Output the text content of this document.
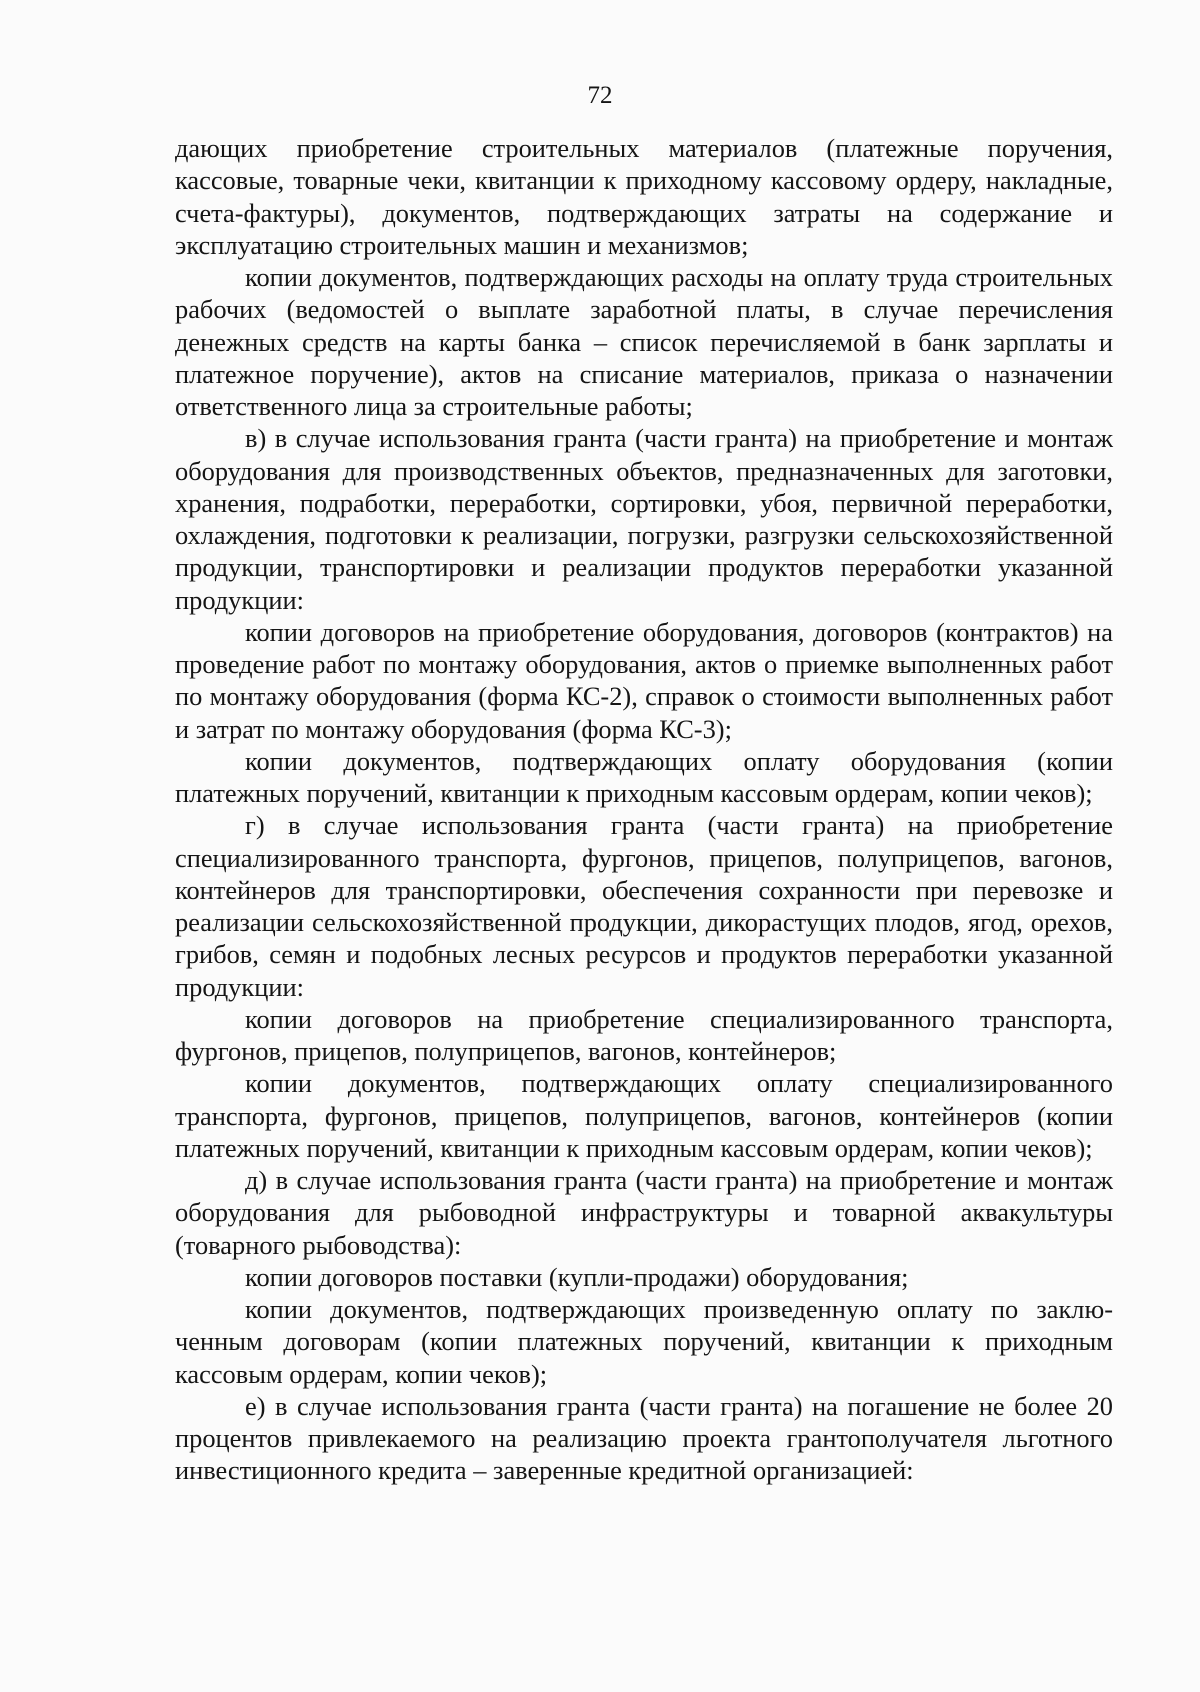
72

дающих приобретение строительных материалов (платежные поручения, кассовые, товарные чеки, квитанции к приходному кассовому ордеру, накладные, счета-фактуры), документов, подтверждающих затраты на содержание и эксплуатацию строительных машин и механизмов;

копии документов, подтверждающих расходы на оплату труда строительных рабочих (ведомостей о выплате заработной платы, в случае перечисления денежных средств на карты банка – список перечисляемой в банк зарплаты и платежное поручение), актов на списание материалов, приказа о назначении ответственного лица за строительные работы;

в) в случае использования гранта (части гранта) на приобретение и монтаж оборудования для производственных объектов, предназначенных для заготовки, хранения, подработки, переработки, сортировки, убоя, первичной переработки, охлаждения, подготовки к реализации, погрузки, разгрузки сельскохозяйственной продукции, транспортировки и реализации продуктов переработки указанной продукции:

копии договоров на приобретение оборудования, договоров (контрактов) на проведение работ по монтажу оборудования, актов о приемке выполненных работ по монтажу оборудования (форма КС-2), справок о стоимости выполненных работ и затрат по монтажу оборудования (форма КС-3);

копии документов, подтверждающих оплату оборудования (копии платежных поручений, квитанции к приходным кассовым ордерам, копии чеков);

г) в случае использования гранта (части гранта) на приобретение специализированного транспорта, фургонов, прицепов, полуприцепов, вагонов, контейнеров для транспортировки, обеспечения сохранности при перевозке и реализации сельскохозяйственной продукции, дикорастущих плодов, ягод, орехов, грибов, семян и подобных лесных ресурсов и продуктов переработки указанной продукции:

копии договоров на приобретение специализированного транспорта, фургонов, прицепов, полуприцепов, вагонов, контейнеров;

копии документов, подтверждающих оплату специализированного транспорта, фургонов, прицепов, полуприцепов, вагонов, контейнеров (копии платежных поручений, квитанции к приходным кассовым ордерам, копии чеков);

д) в случае использования гранта (части гранта) на приобретение и монтаж оборудования для рыбоводной инфраструктуры и товарной аквакультуры (товарного рыбоводства):

копии договоров поставки (купли-продажи) оборудования;

копии документов, подтверждающих произведенную оплату по заключенным договорам (копии платежных поручений, квитанции к приходным кассовым ордерам, копии чеков);

е) в случае использования гранта (части гранта) на погашение не более 20 процентов привлекаемого на реализацию проекта грантополучателя льготного инвестиционного кредита – заверенные кредитной организацией:
